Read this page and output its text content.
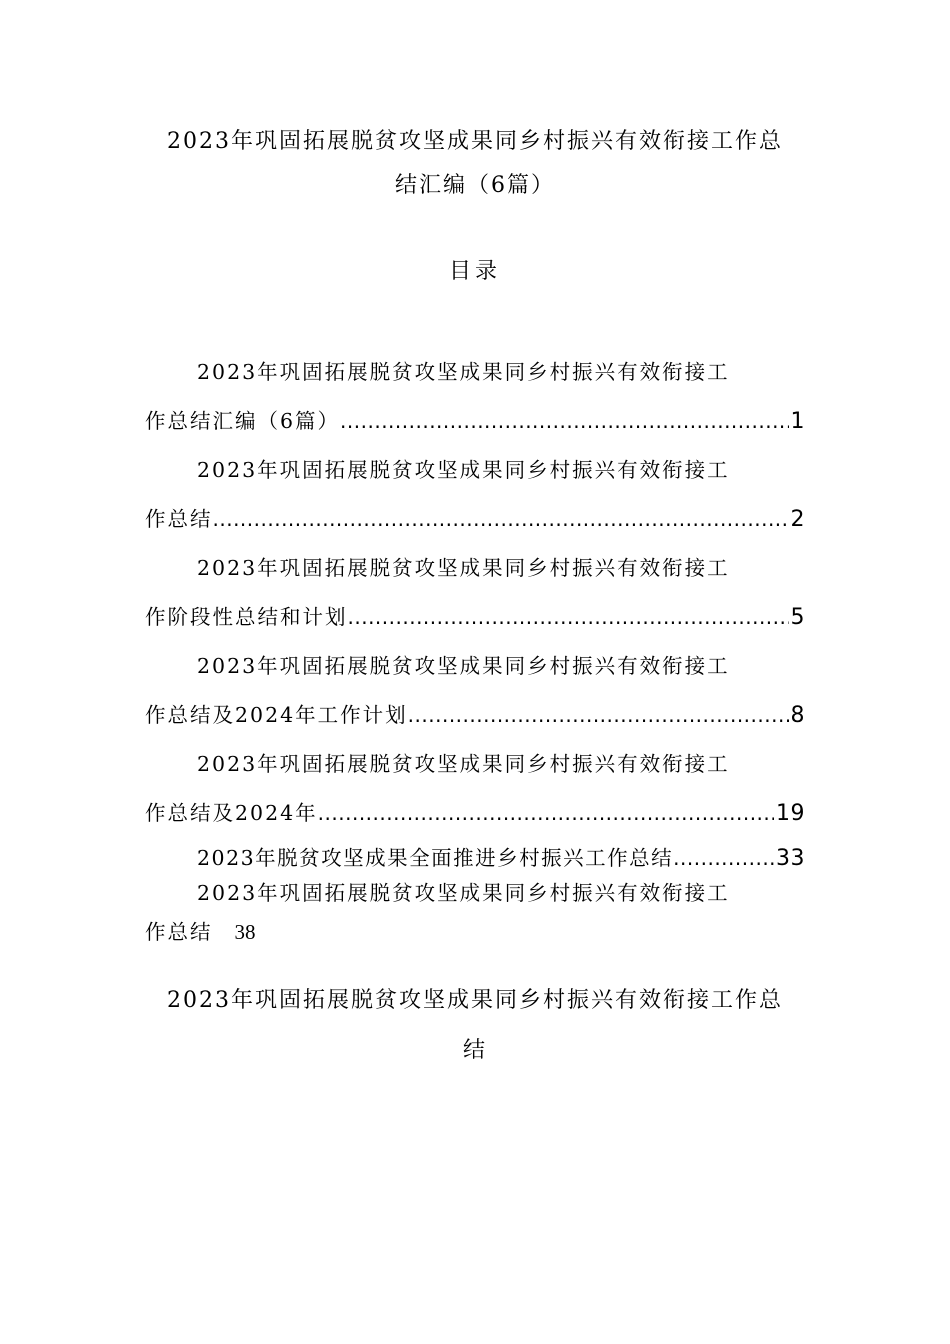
2023年巩固拓展脱贫攻坚成果同乡村振兴有效衔接工作总
结汇编（6篇）
目录
2023年巩固拓展脱贫攻坚成果同乡村振兴有效衔接工
作总结汇编（6篇） .....	1
2023年巩固拓展脱贫攻坚成果同乡村振兴有效衔接工
作总结 .....	2
2023年巩固拓展脱贫攻坚成果同乡村振兴有效衔接工
作阶段性总结和计划 .....	5
2023年巩固拓展脱贫攻坚成果同乡村振兴有效衔接工
作总结及2024年工作计划 .....	8
2023年巩固拓展脱贫攻坚成果同乡村振兴有效衔接工
作总结及2024年 .....	19
2023年脱贫攻坚成果全面推进乡村振兴工作总结 .....	33
2023年巩固拓展脱贫攻坚成果同乡村振兴有效衔接工
作总结 38
2023年巩固拓展脱贫攻坚成果同乡村振兴有效衔接工作总
结
